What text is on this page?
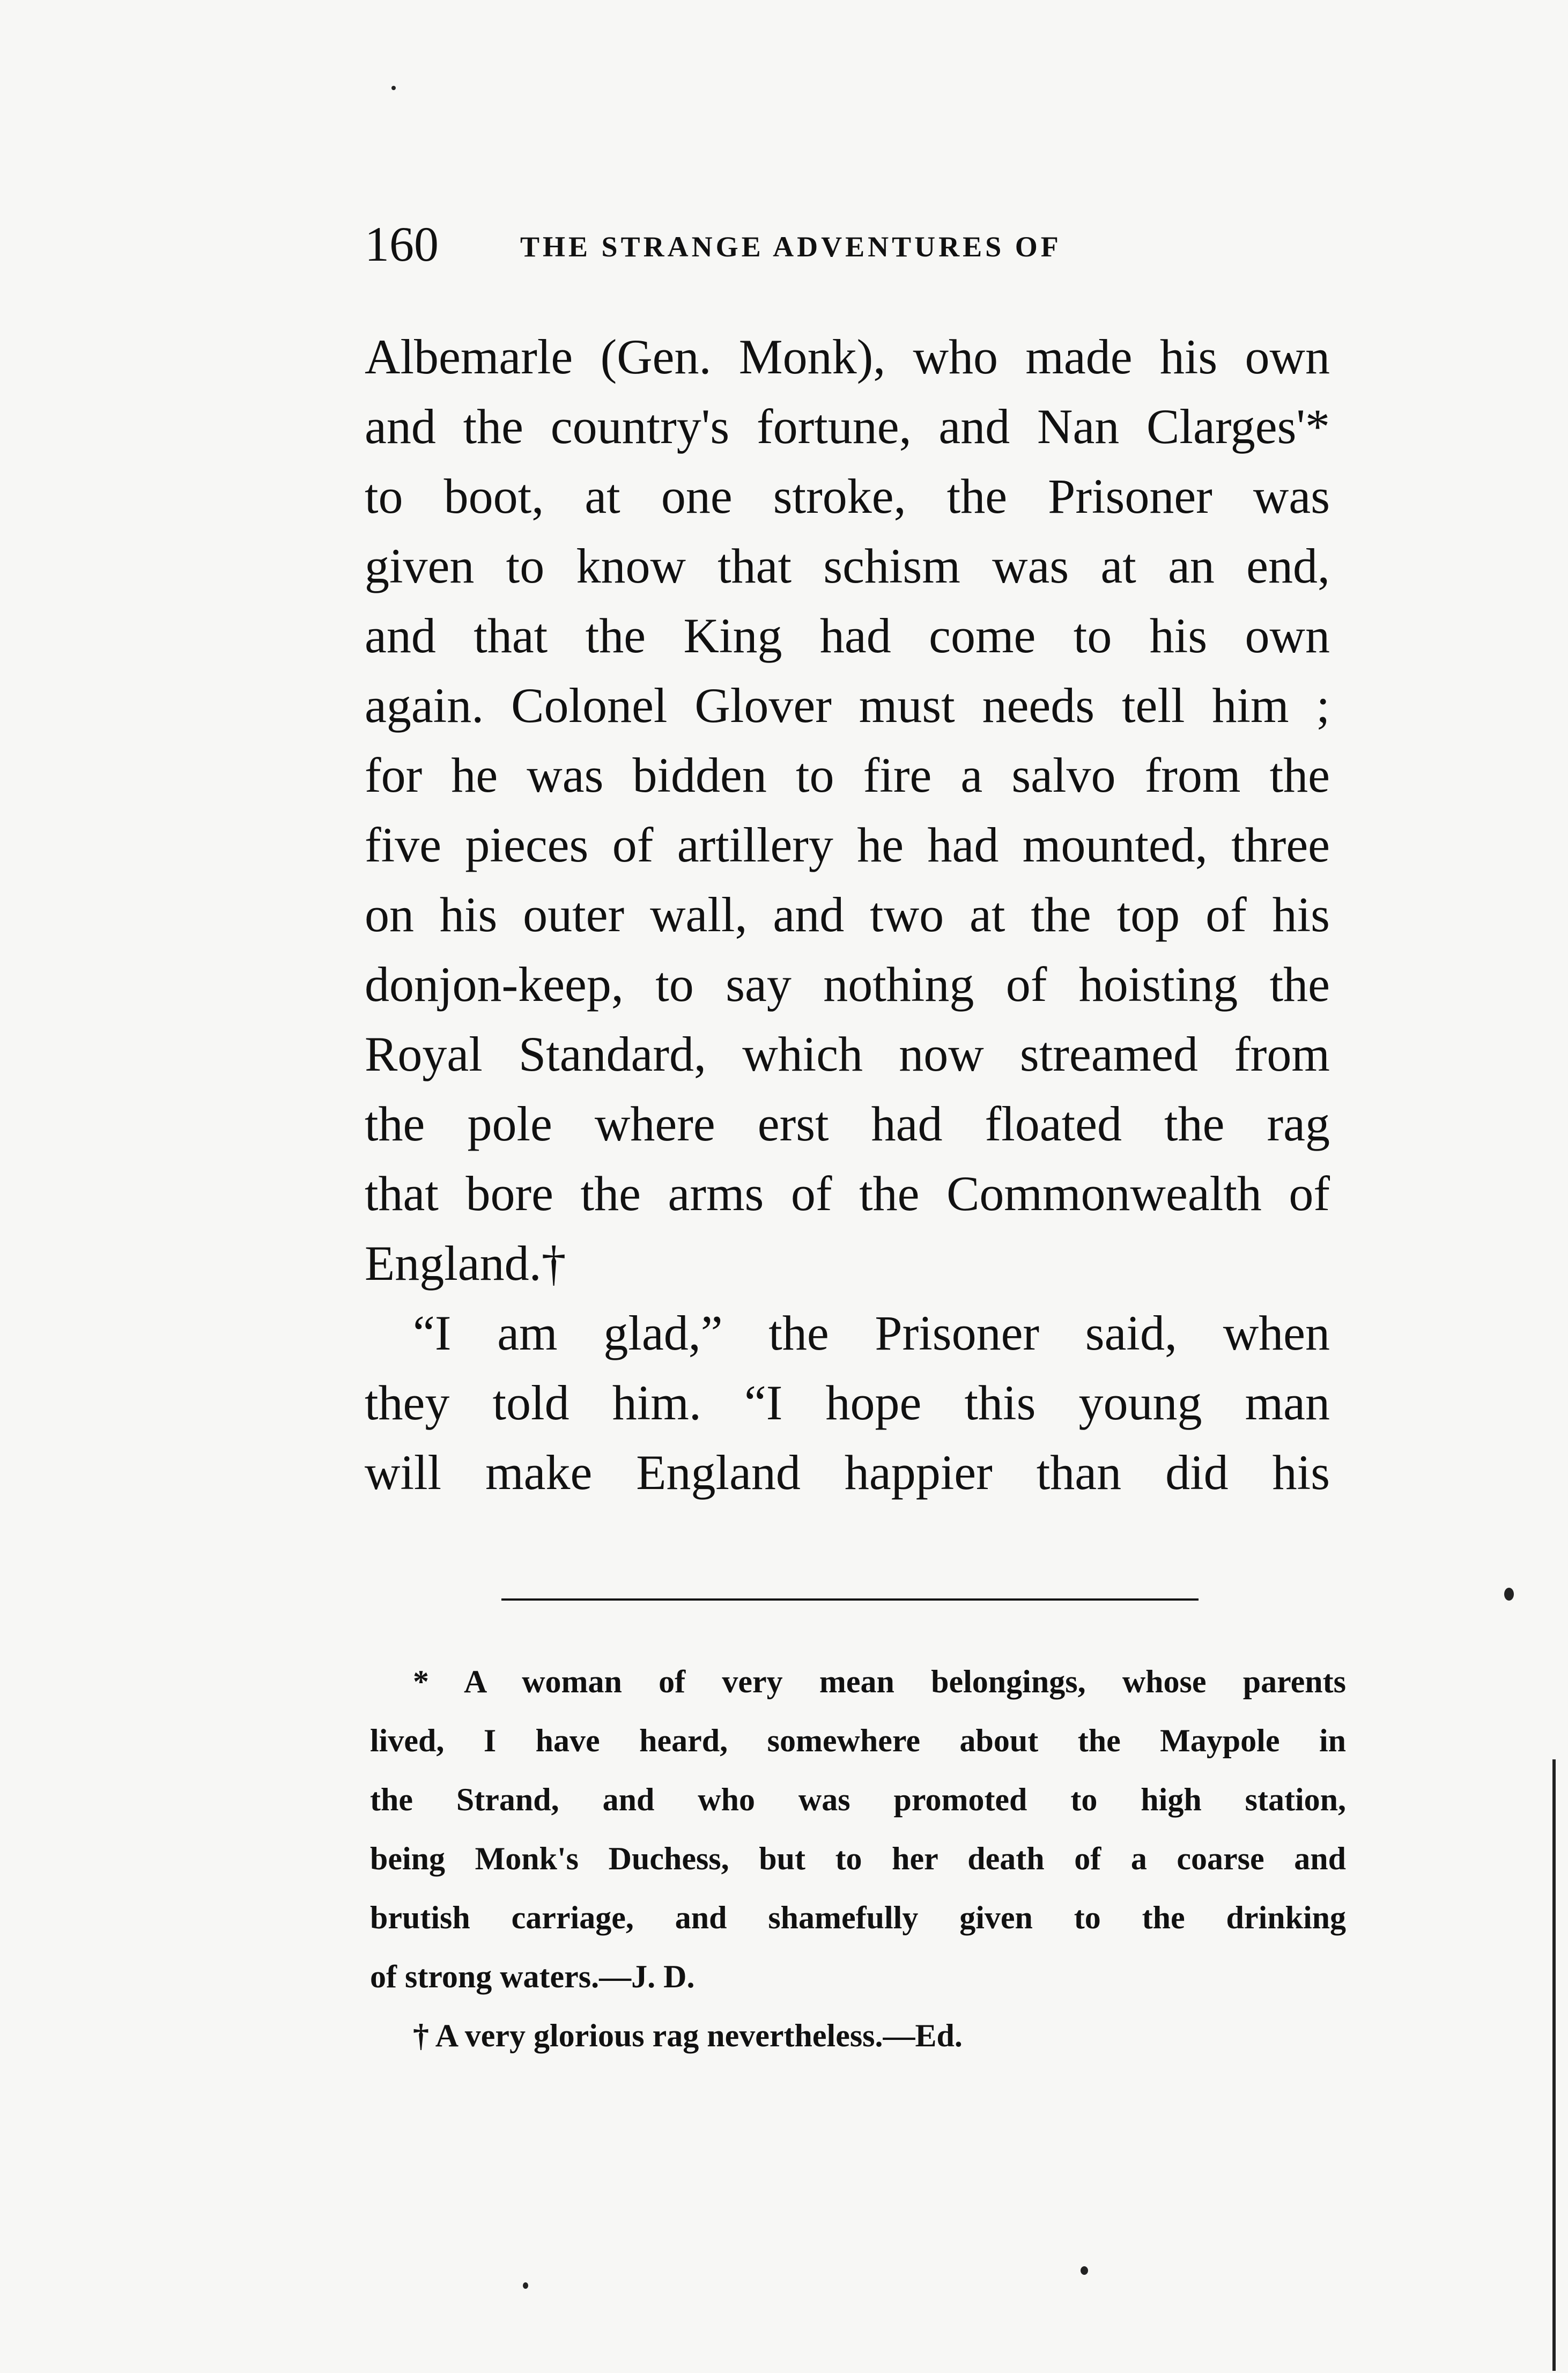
160	THE STRANGE ADVENTURES OF
Albemarle (Gen. Monk), who made his own
and the country's fortune, and Nan Clarges'*
to boot, at one stroke, the Prisoner was
given to know that schism was at an end,
and that the King had come to his own
again. Colonel Glover must needs tell him ;
for he was bidden to fire a salvo from the
five pieces of artillery he had mounted, three
on his outer wall, and two at the top of his
donjon-keep, to say nothing of hoisting the
Royal Standard, which now streamed from
the pole where erst had floated the rag
that bore the arms of the Commonwealth of
England.†
“I am glad,” the Prisoner said, when
they told him. “I hope this young man
will make England happier than did his
* A woman of very mean belongings, whose parents
lived, I have heard, somewhere about the Maypole in
the Strand, and who was promoted to high station,
being Monk's Duchess, but to her death of a coarse and
brutish carriage, and shamefully given to the drinking
of strong waters.—J. D.
† A very glorious rag nevertheless.—Ed.
